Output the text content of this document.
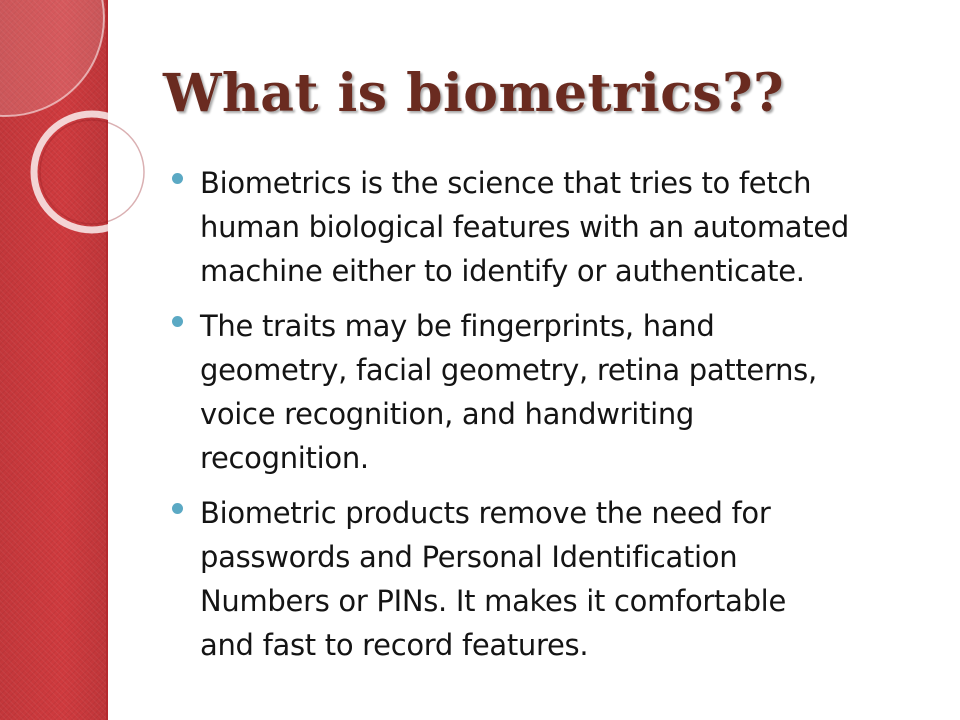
What is biometrics??
Biometrics is the science that tries to fetch
human biological features with an automated
machine either to identify or authenticate.
The traits may be fingerprints, hand
geometry, facial geometry, retina patterns,
voice recognition, and handwriting
recognition.
Biometric products remove the need for
passwords and Personal Identification
Numbers or PINs. It makes it comfortable
and fast to record features.
